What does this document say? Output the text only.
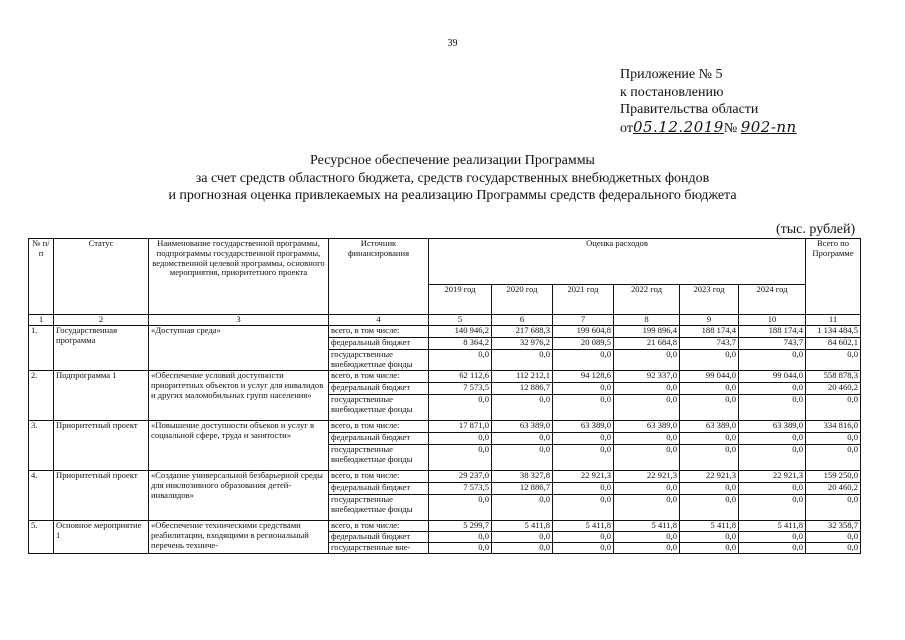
39
Приложение № 5
к постановлению
Правительства области
от05.12.2019№ 902-пп
Ресурсное обеспечение реализации Программы
за счет средств областного бюджета, средств государственных внебюджетных фондов
и прогнозная оценка привлекаемых на реализацию Программы средств федерального бюджета
(тыс. рублей)
№ п/п	Статус	Наименование государственной программы, подпрограммы государственной программы, ведомственной целевой программы, основного мероприятия, приоритетного проекта	Источник финансирования	Оценка расходов						Всего по Программе
				2019 год	2020 год	2021 год	2022 год	2023 год	2024 год	
1	2	3	4	5	6	7	8	9	10	11
1.	Государственная программа	«Доступная среда»	всего, в том числе:	140 946,2	217 688,3	199 604,8	199 896,4	188 174,4	188 174,4	1 134 484,5
			федеральный бюджет	8 364,2	32 976,2	20 089,5	21 684,8	743,7	743,7	84 602,1
			государственные внебюджетные фонды	0,0	0,0	0,0	0,0	0,0	0,0	0,0
2.	Подпрограмма 1	«Обеспечение условий доступности приоритетных объектов и услуг для инвалидов и других маломобильных групп населения»	всего, в том числе:	62 112,6	112 212,1	94 128,6	92 337,0	99 044,0	99 044,0	558 878,3
			федеральный бюджет	7 573,5	12 886,7	0,0	0,0	0,0	0,0	20 460,2
			государственные внебюджетные фонды	0,0	0,0	0,0	0,0	0,0	0,0	0,0
3.	Приоритетный проект	«Повышение доступности объеков и услуг в социальной сфере, труда и занятости»	всего, в том числе:	17 871,0	63 389,0	63 389,0	63 389,0	63 389,0	63 389,0	334 816,0
			федеральный бюджет	0,0	0,0	0,0	0,0	0,0	0,0	0,0
			государственные внебюджетные фонды	0,0	0,0	0,0	0,0	0,0	0,0	0,0
4.	Приоритетный проект	«Создание универсальной безбарьерной среды для инклюзивного образования детей-инвалидов»	всего, в том числе:	29 237,0	38 327,8	22 921,3	22 921,3	22 921,3	22 921,3	159 250,0
			федеральный бюджет	7 573,5	12 886,7	0,0	0,0	0,0	0,0	20 460,2
			государственные внебюджетные фонды	0,0	0,0	0,0	0,0	0,0	0,0	0,0
5.	Основное мероприятие 1	«Обеспечение техническими средствами реабилитации, входящими в региональный перечень техниче-	всего, в том числе:	5 299,7	5 411,8	5 411,8	5 411,8	5 411,8	5 411,8	32 358,7
			федеральный бюджет	0,0	0,0	0,0	0,0	0,0	0,0	0,0
			государственные вне-	0,0	0,0	0,0	0,0	0,0	0,0	0,0
